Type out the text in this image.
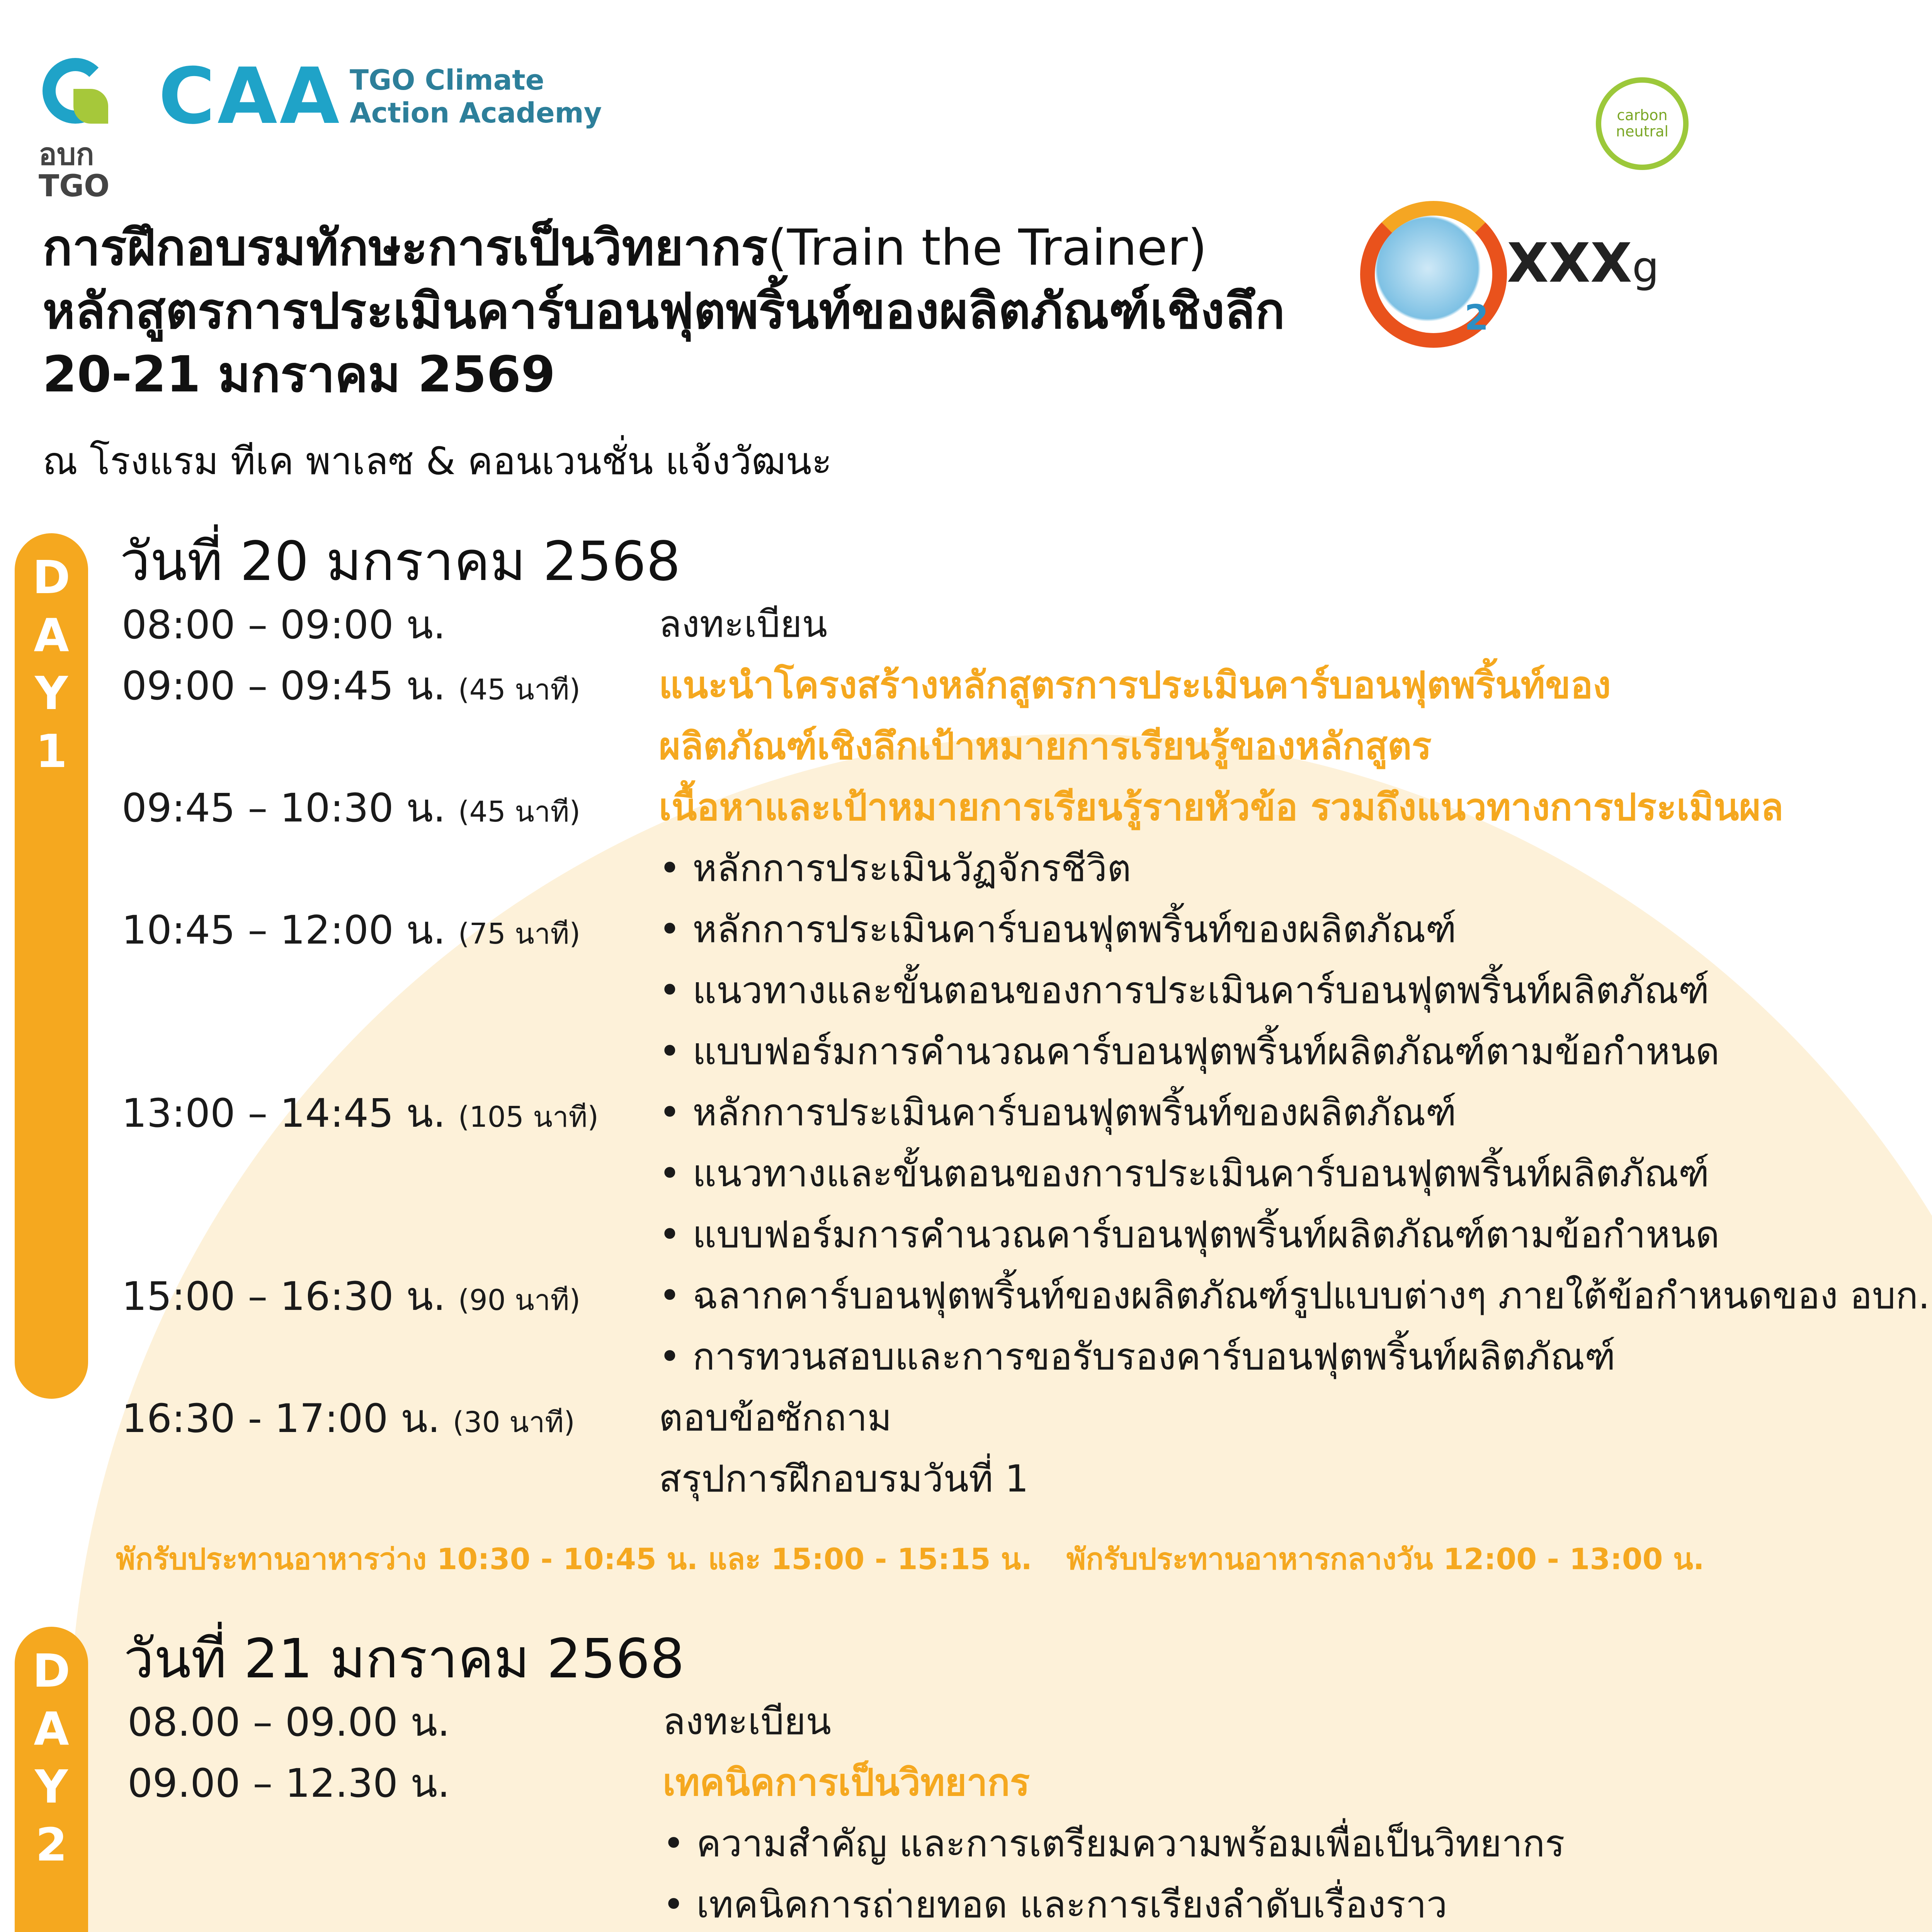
อบก
TGO
CAA TGO Climate
Action Academy	carbon
neutral
การฝึกอบรมทักษะการเป็นวิทยากร(Train the Trainer)
หลักสูตรการประเมินคาร์บอนฟุตพริ้นท์ของผลิตภัณฑ์เชิงลึก
20-21 มกราคม 2569
ณ โรงแรม ทีเค พาเลซ & คอนเวนชั่น แจ้งวัฒนะ
2
XXXg
D
A
Y
1
วันที่ 20 มกราคม 2568
08:00 – 09:00 น.	ลงทะเบียน
09:00 – 09:45 น. (45 นาที) แนะนำโครงสร้างหลักสูตรการประเมินคาร์บอนฟุตพริ้นท์ของ
ผลิตภัณฑ์เชิงลึกเป้าหมายการเรียนรู้ของหลักสูตร
09:45 – 10:30 น. (45 นาที) เนื้อหาและเป้าหมายการเรียนรู้รายหัวข้อ รวมถึงแนวทางการประเมินผล
• หลักการประเมินวัฏจักรชีวิต
10:45 – 12:00 น. (75 นาที) • หลักการประเมินคาร์บอนฟุตพริ้นท์ของผลิตภัณฑ์
• แนวทางและขั้นตอนของการประเมินคาร์บอนฟุตพริ้นท์ผลิตภัณฑ์
• แบบฟอร์มการคำนวณคาร์บอนฟุตพริ้นท์ผลิตภัณฑ์ตามข้อกำหนด
13:00 – 14:45 น. (105 นาที) • หลักการประเมินคาร์บอนฟุตพริ้นท์ของผลิตภัณฑ์
• แนวทางและขั้นตอนของการประเมินคาร์บอนฟุตพริ้นท์ผลิตภัณฑ์
• แบบฟอร์มการคำนวณคาร์บอนฟุตพริ้นท์ผลิตภัณฑ์ตามข้อกำหนด
15:00 – 16:30 น. (90 นาที) • ฉลากคาร์บอนฟุตพริ้นท์ของผลิตภัณฑ์รูปแบบต่างๆ ภายใต้ข้อกำหนดของ อบก.
• การทวนสอบและการขอรับรองคาร์บอนฟุตพริ้นท์ผลิตภัณฑ์
16:30 - 17:00 น. (30 นาที) ตอบข้อซักถาม
สรุปการฝึกอบรมวันที่ 1
พักรับประทานอาหารว่าง 10:30 - 10:45 น. และ 15:00 - 15:15 น. พักรับประทานอาหารกลางวัน 12:00 - 13:00 น.
D
A
Y
2
วันที่ 21 มกราคม 2568
08.00 – 09.00 น.	ลงทะเบียน
09.00 – 12.30 น.	เทคนิคการเป็นวิทยากร
• ความสำคัญ และการเตรียมความพร้อมเพื่อเป็นวิทยากร
• เทคนิคการถ่ายทอด และการเรียงลำดับเรื่องราว
